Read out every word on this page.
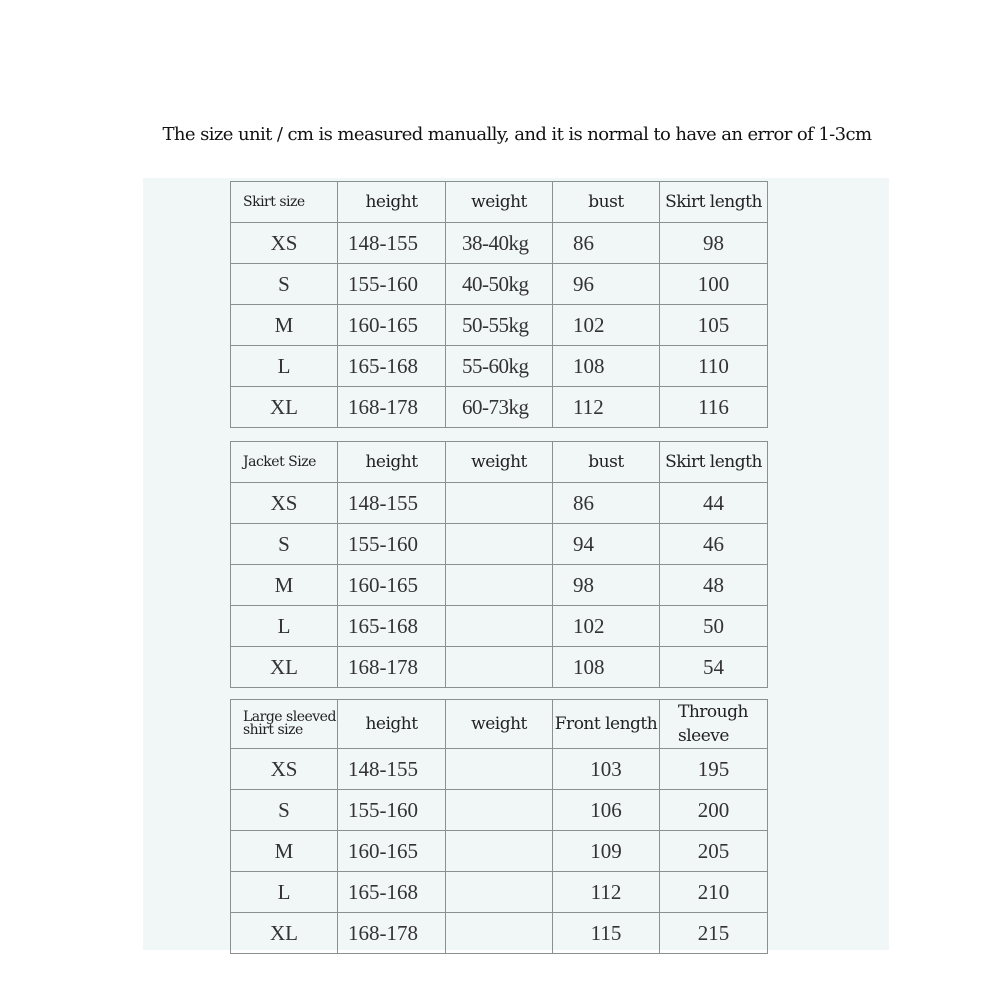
The size unit / cm is measured manually, and it is normal to have an error of 1-3cm
Skirt size	height	weight	bust	Skirt length
XS	148-155	38-40kg	86	98
S	155-160	40-50kg	96	100
M	160-165	50-55kg	102	105
L	165-168	55-60kg	108	110
XL	168-178	60-73kg	112	116
Jacket Size	height	weight	bust	Skirt length
XS	148-155		86	44
S	155-160		94	46
M	160-165		98	48
L	165-168		102	50
XL	168-178		108	54
Large sleeved shirt size	height	weight	Front length	Through sleeve
XS	148-155		103	195
S	155-160		106	200
M	160-165		109	205
L	165-168		112	210
XL	168-178		115	215
